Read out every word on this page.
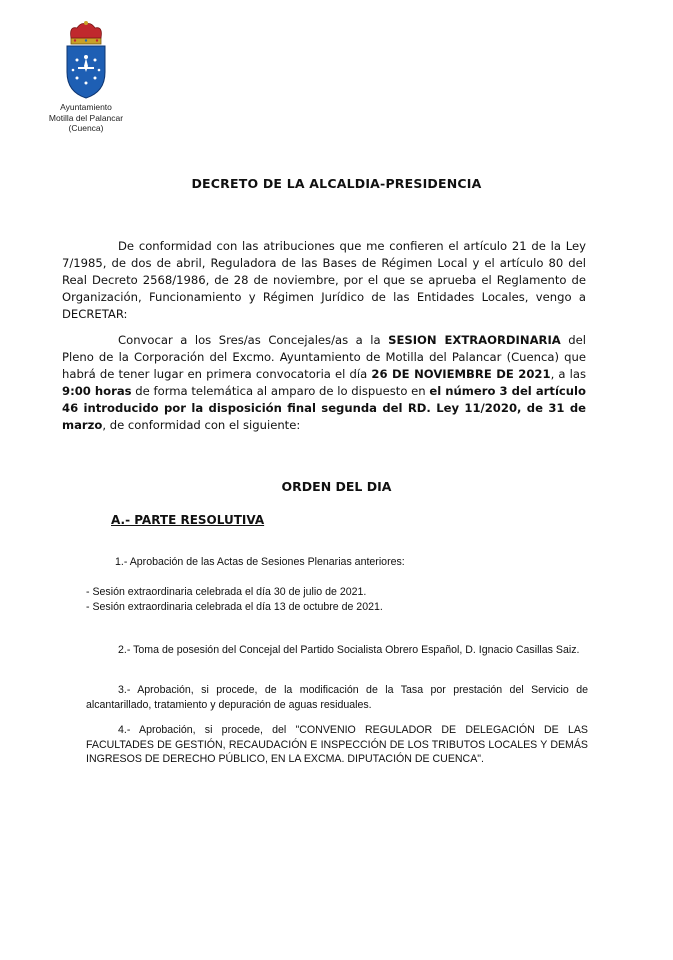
Ayuntamiento
Motilla del Palancar
(Cuenca)
DECRETO DE LA ALCALDIA-PRESIDENCIA

De conformidad con las atribuciones que me confieren el artículo 21 de la Ley 7/1985, de dos de abril, Reguladora de las Bases de Régimen Local y el artículo 80 del Real Decreto 2568/1986, de 28 de noviembre, por el que se aprueba el Reglamento de Organización, Funcionamiento y Régimen Jurídico de las Entidades Locales, vengo a DECRETAR:

Convocar a los Sres/as Concejales/as a la SESION EXTRAORDINARIA del Pleno de la Corporación del Excmo. Ayuntamiento de Motilla del Palancar (Cuenca) que habrá de tener lugar en primera convocatoria el día 26 DE NOVIEMBRE DE 2021, a las 9:00 horas de forma telemática al amparo de lo dispuesto en el número 3 del artículo 46 introducido por la disposición final segunda del RD. Ley 11/2020, de 31 de marzo, de conformidad con el siguiente:

ORDEN DEL DIA
A.- PARTE RESOLUTIVA

1.- Aprobación de las Actas de Sesiones Plenarias anteriores:

- Sesión extraordinaria celebrada el día 30 de julio de 2021.

- Sesión extraordinaria celebrada el día 13 de octubre de 2021.

2.- Toma de posesión del Concejal del Partido Socialista Obrero Español, D. Ignacio Casillas Saiz.

3.- Aprobación, si procede, de la modificación de la Tasa por prestación del Servicio de alcantarillado, tratamiento y depuración de aguas residuales.

4.- Aprobación, si procede, del "CONVENIO REGULADOR DE DELEGACIÓN DE LAS FACULTADES DE GESTIÓN, RECAUDACIÓN E INSPECCIÓN DE LOS TRIBUTOS LOCALES Y DEMÁS INGRESOS DE DERECHO PÚBLICO, EN LA EXCMA. DIPUTACIÓN DE CUENCA".
